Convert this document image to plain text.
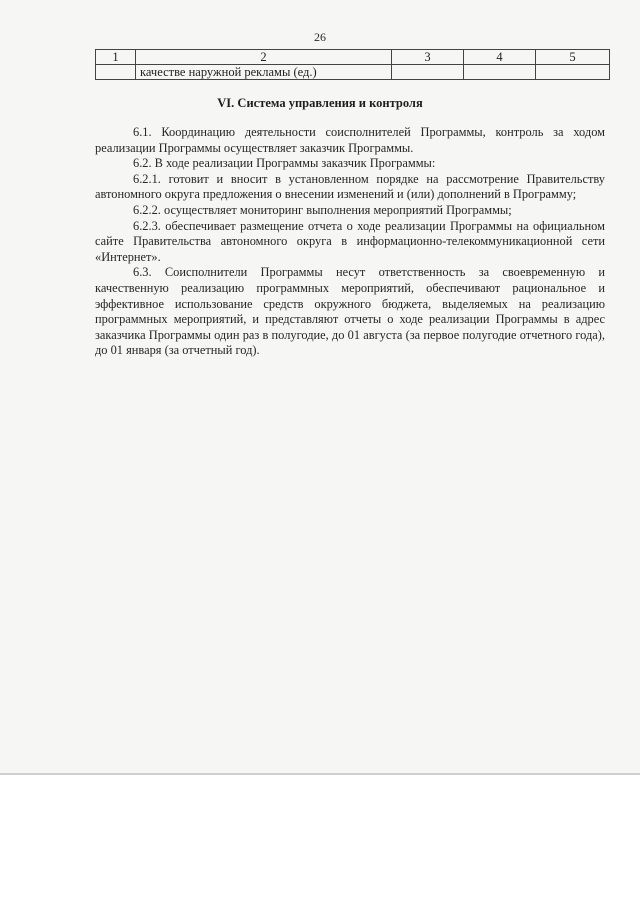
26
1	2	3	4	5
	качестве наружной рекламы (ед.)			
VI. Система управления и контроля

6.1. Координацию деятельности соисполнителей Программы, контроль за ходом реализации Программы осуществляет заказчик Программы.

6.2. В ходе реализации Программы заказчик Программы:

6.2.1. готовит и вносит в установленном порядке на рассмотрение Правительству автономного округа предложения о внесении изменений и (или) дополнений в Программу;

6.2.2. осуществляет мониторинг выполнения мероприятий Программы;

6.2.3. обеспечивает размещение отчета о ходе реализации Программы на официальном сайте Правительства автономного округа в информационно-телекоммуникационной сети «Интернет».

6.3. Соисполнители Программы несут ответственность за своевременную и качественную реализацию программных мероприятий, обеспечивают рациональное и эффективное использование средств окружного бюджета, выделяемых на реализацию программных мероприятий, и представляют отчеты о ходе реализации Программы в адрес заказчика Программы один раз в полугодие, до 01 августа (за первое полугодие отчетного года), до 01 января (за отчетный год).
